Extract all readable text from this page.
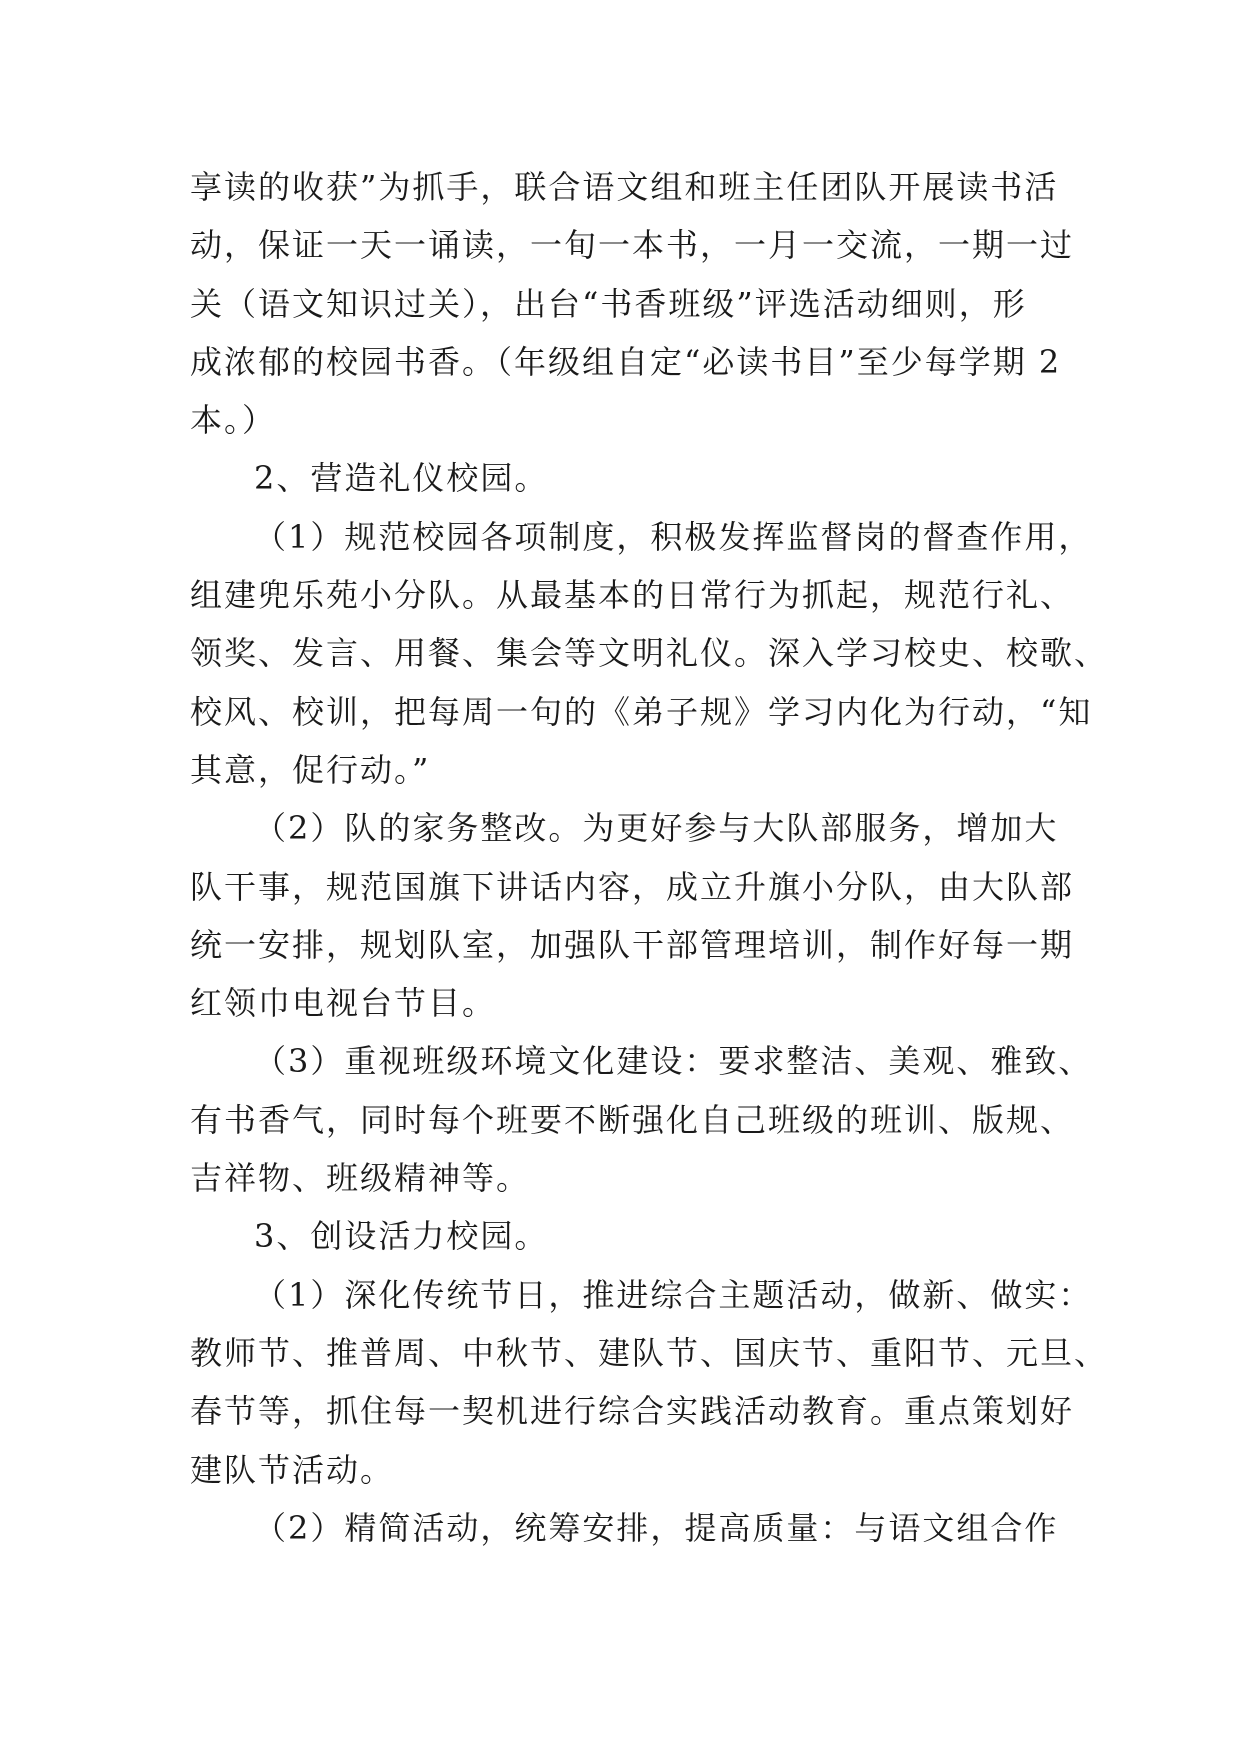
享读的收获”为抓手，联合语文组和班主任团队开展读书活
动，保证一天一诵读，一旬一本书，一月一交流，一期一过
关（语文知识过关），出台“书香班级”评选活动细则，形
成浓郁的校园书香。（年级组自定“必读书目”至少每学期 2
本。）

2、营造礼仪校园。

（1）规范校园各项制度，积极发挥监督岗的督查作用，
组建兜乐苑小分队。从最基本的日常行为抓起，规范行礼、
领奖、发言、用餐、集会等文明礼仪。深入学习校史、校歌、
校风、校训，把每周一句的《弟子规》学习内化为行动，“知
其意，促行动。”

（2）队的家务整改。为更好参与大队部服务，增加大
队干事，规范国旗下讲话内容，成立升旗小分队，由大队部
统一安排，规划队室，加强队干部管理培训，制作好每一期
红领巾电视台节目。

（3）重视班级环境文化建设：要求整洁、美观、雅致、
有书香气，同时每个班要不断强化自己班级的班训、版规、
吉祥物、班级精神等。

3、创设活力校园。

（1）深化传统节日，推进综合主题活动，做新、做实：
教师节、推普周、中秋节、建队节、国庆节、重阳节、元旦、
春节等，抓住每一契机进行综合实践活动教育。重点策划好
建队节活动。

（2）精简活动，统筹安排，提高质量：与语文组合作
